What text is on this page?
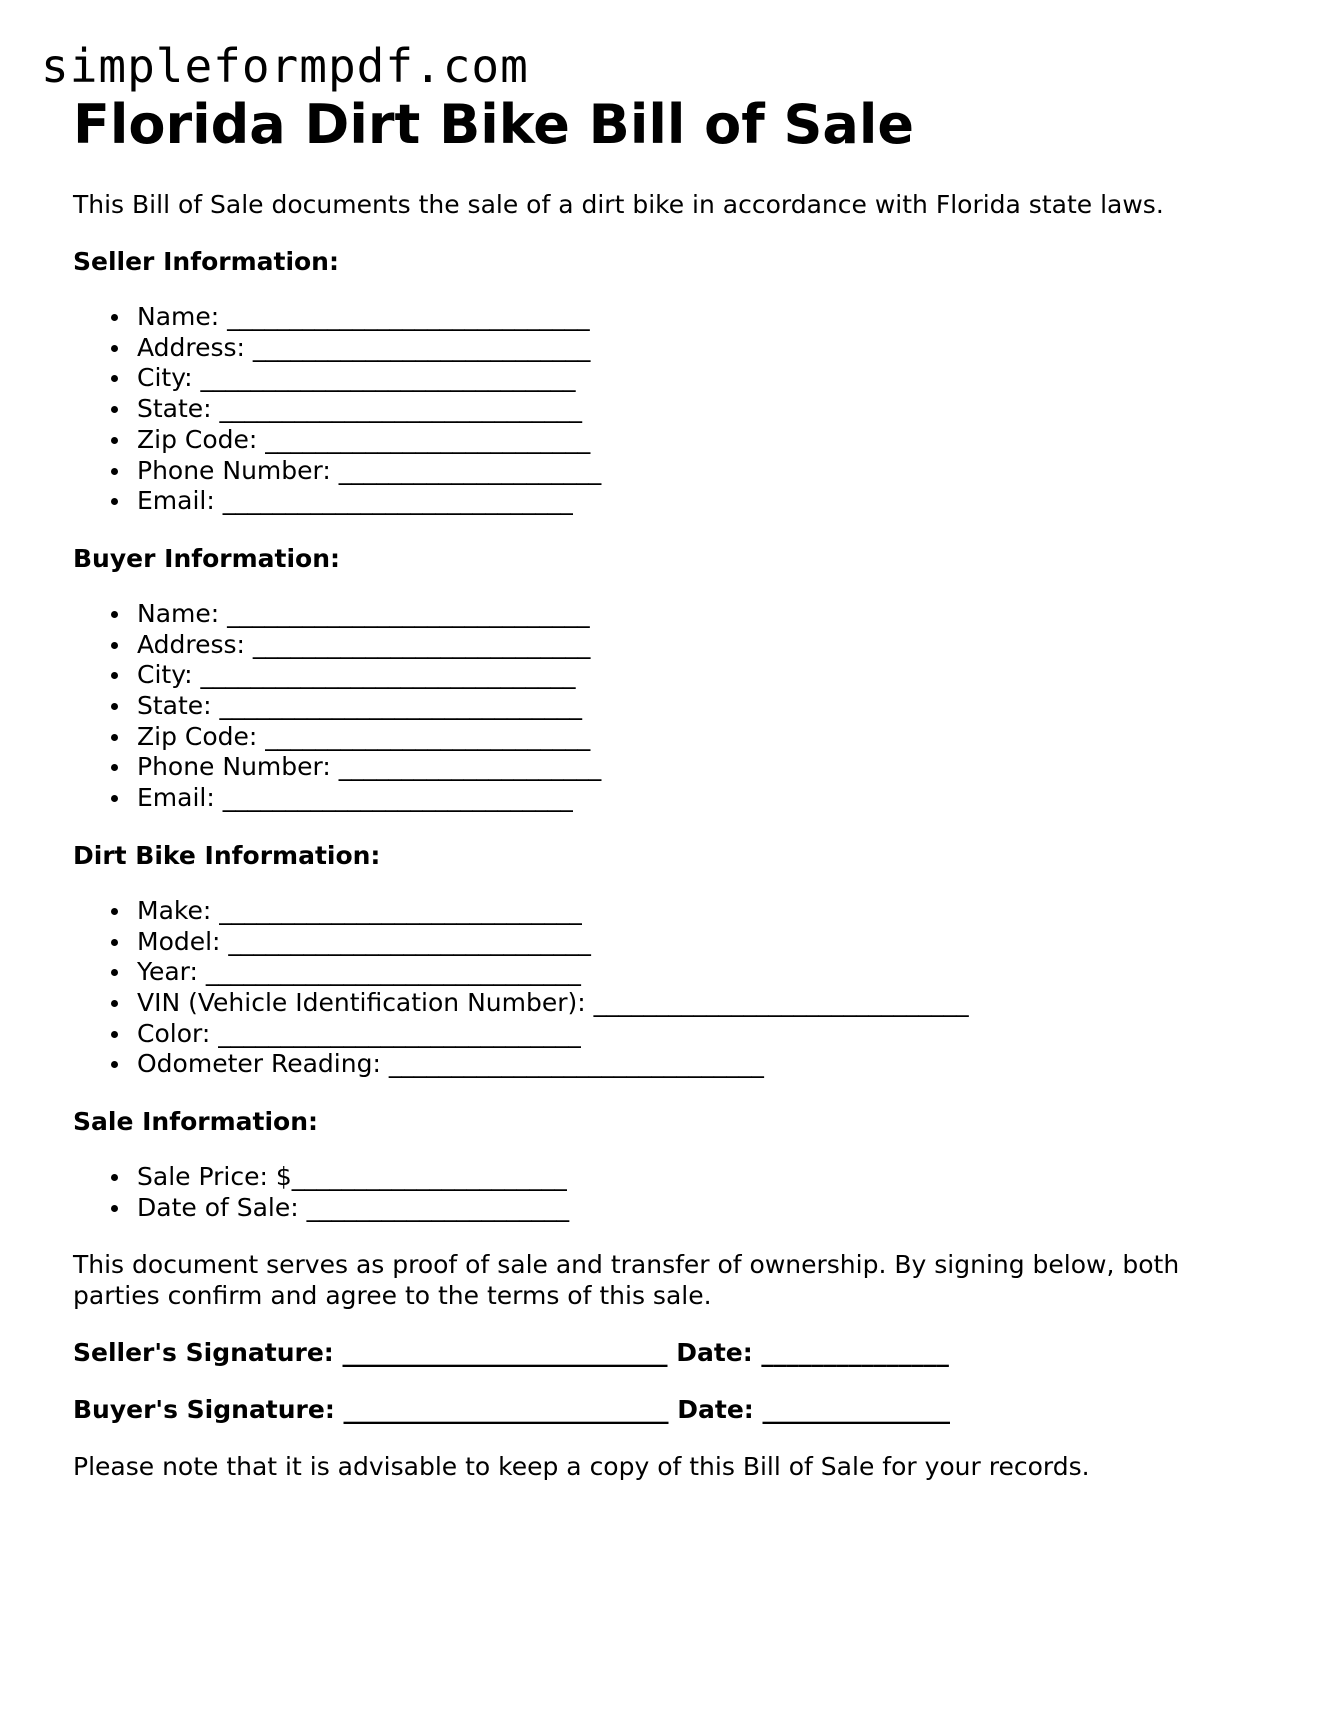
simpleformpdf.com
Florida Dirt Bike Bill of Sale

This Bill of Sale documents the sale of a dirt bike in accordance with Florida state laws.

Seller Information:
Name: _____________________________
Address: ___________________________
City: ______________________________
State: _____________________________
Zip Code: __________________________
Phone Number: _____________________
Email: ____________________________
Buyer Information:
Name: _____________________________
Address: ___________________________
City: ______________________________
State: _____________________________
Zip Code: __________________________
Phone Number: _____________________
Email: ____________________________
Dirt Bike Information:
Make: _____________________________
Model: _____________________________
Year: ______________________________
VIN (Vehicle Identification Number): ______________________________
Color: _____________________________
Odometer Reading: ______________________________
Sale Information:
Sale Price: $______________________
Date of Sale: _____________________

This document serves as proof of sale and transfer of ownership. By signing below, both parties confirm and agree to the terms of this sale.

Seller's Signature: __________________________ Date: _______________
Buyer's Signature: __________________________ Date: _______________

Please note that it is advisable to keep a copy of this Bill of Sale for your records.
